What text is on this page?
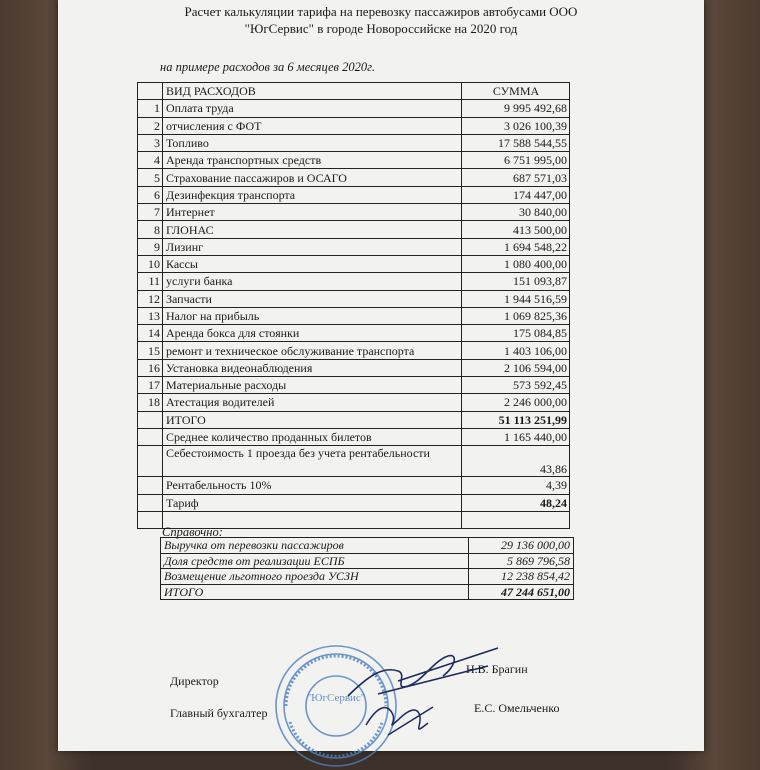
Расчет калькуляции тарифа на перевозку пассажиров автобусами ООО
"ЮгСервис" в городе Новороссийске на 2020 год
на примере расходов за 6 месяцев 2020г.
	ВИД РАСХОДОВ	СУММА
1	Оплата труда	9 995 492,68
2	отчисления с ФОТ	3 026 100,39
3	Топливо	17 588 544,55
4	Аренда транспортных средств	6 751 995,00
5	Страхование пассажиров и ОСАГО	687 571,03
6	Дезинфекция транспорта	174 447,00
7	Интернет	30 840,00
8	ГЛОНАС	413 500,00
9	Лизинг	1 694 548,22
10	Кассы	1 080 400,00
11	услуги банка	151 093,87
12	Запчасти	1 944 516,59
13	Налог на прибыль	1 069 825,36
14	Аренда бокса для стоянки	175 084,85
15	ремонт и техническое обслуживание транспорта	1 403 106,00
16	Установка видеонаблюдения	2 106 594,00
17	Материальные расходы	573 592,45
18	Атестация водителей	2 246 000,00
	ИТОГО	51 113 251,99
	Среднее количество проданных билетов	1 165 440,00
	Себестоимость 1 проезда без учета рентабельности	43,86
	Рентабельность 10%	4,39
	Тариф	48,24

Справочно:
Выручка от перевозки пассажиров	29 136 000,00
Доля средств от реализации ЕСПБ	5 869 796,58
Возмещение льготного проезда УСЗН	12 238 854,42
ИТОГО	47 244 651,00
Директор
Н.В. Брагин
Главный бухгалтер	Е.С. Омельченко
"ЮгСервис"
